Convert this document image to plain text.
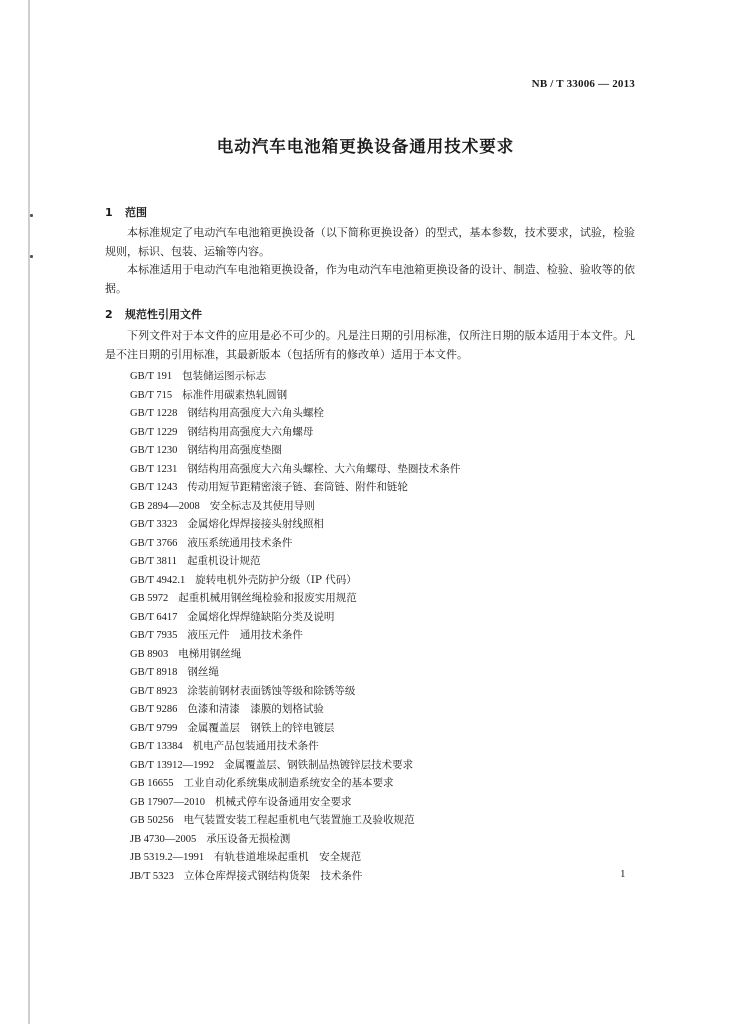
NB / T 33006 — 2013
电动汽车电池箱更换设备通用技术要求
1 范围
本标准规定了电动汽车电池箱更换设备（以下简称更换设备）的型式，基本参数，技术要求，试验，检验规则，标识、包装、运输等内容。
本标准适用于电动汽车电池箱更换设备，作为电动汽车电池箱更换设备的设计、制造、检验、验收等的依据。
2 规范性引用文件
下列文件对于本文件的应用是必不可少的。凡是注日期的引用标准，仅所注日期的版本适用于本文件。凡是不注日期的引用标准，其最新版本（包括所有的修改单）适用于本文件。
GB/T 191 包装储运图示标志
GB/T 715 标准件用碳素热轧圆钢
GB/T 1228 钢结构用高强度大六角头螺栓
GB/T 1229 钢结构用高强度大六角螺母
GB/T 1230 钢结构用高强度垫圈
GB/T 1231 钢结构用高强度大六角头螺栓、大六角螺母、垫圈技术条件
GB/T 1243 传动用短节距精密滚子链、套筒链、附件和链轮
GB 2894—2008 安全标志及其使用导则
GB/T 3323 金属熔化焊焊接接头射线照相
GB/T 3766 液压系统通用技术条件
GB/T 3811 起重机设计规范
GB/T 4942.1 旋转电机外壳防护分级（IP 代码）
GB 5972 起重机械用钢丝绳检验和报废实用规范
GB/T 6417 金属熔化焊焊缝缺陷分类及说明
GB/T 7935 液压元件　通用技术条件
GB 8903 电梯用钢丝绳
GB/T 8918 钢丝绳
GB/T 8923 涂装前钢材表面锈蚀等级和除锈等级
GB/T 9286 色漆和清漆　漆膜的划格试验
GB/T 9799 金属覆盖层　钢铁上的锌电镀层
GB/T 13384 机电产品包装通用技术条件
GB/T 13912—1992 金属覆盖层、钢铁制品热镀锌层技术要求
GB 16655 工业自动化系统集成制造系统安全的基本要求
GB 17907—2010 机械式停车设备通用安全要求
GB 50256 电气装置安装工程起重机电气装置施工及验收规范
JB 4730—2005 承压设备无损检测
JB 5319.2—1991 有轨巷道堆垛起重机　安全规范
JB/T 5323 立体仓库焊接式钢结构货架　技术条件	1
